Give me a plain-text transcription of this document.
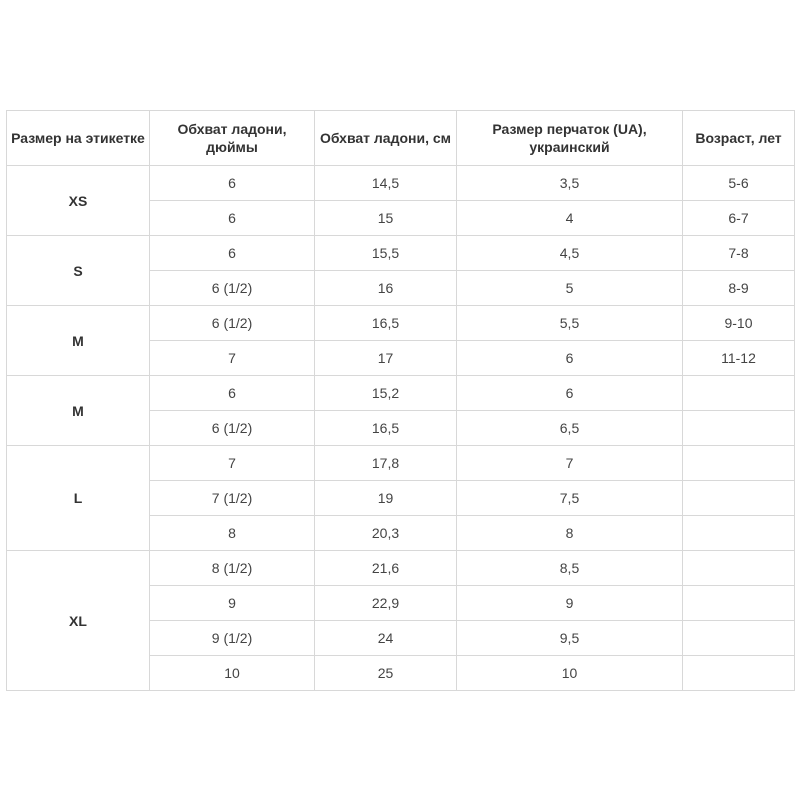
Размер на этикетке	Обхват ладони, дюймы	Обхват ладони, см	Размер перчаток (UA), украинский	Возраст, лет
XS	6	14,5	3,5	5-6
	6	15	4	6-7
S	6	15,5	4,5	7-8
	6 (1/2)	16	5	8-9
M	6 (1/2)	16,5	5,5	9-10
	7	17	6	11-12
M	6	15,2	6	
	6 (1/2)	16,5	6,5	
L	7	17,8	7	
	7 (1/2)	19	7,5	
	8	20,3	8	
XL	8 (1/2)	21,6	8,5	
	9	22,9	9	
	9 (1/2)	24	9,5	
	10	25	10	
